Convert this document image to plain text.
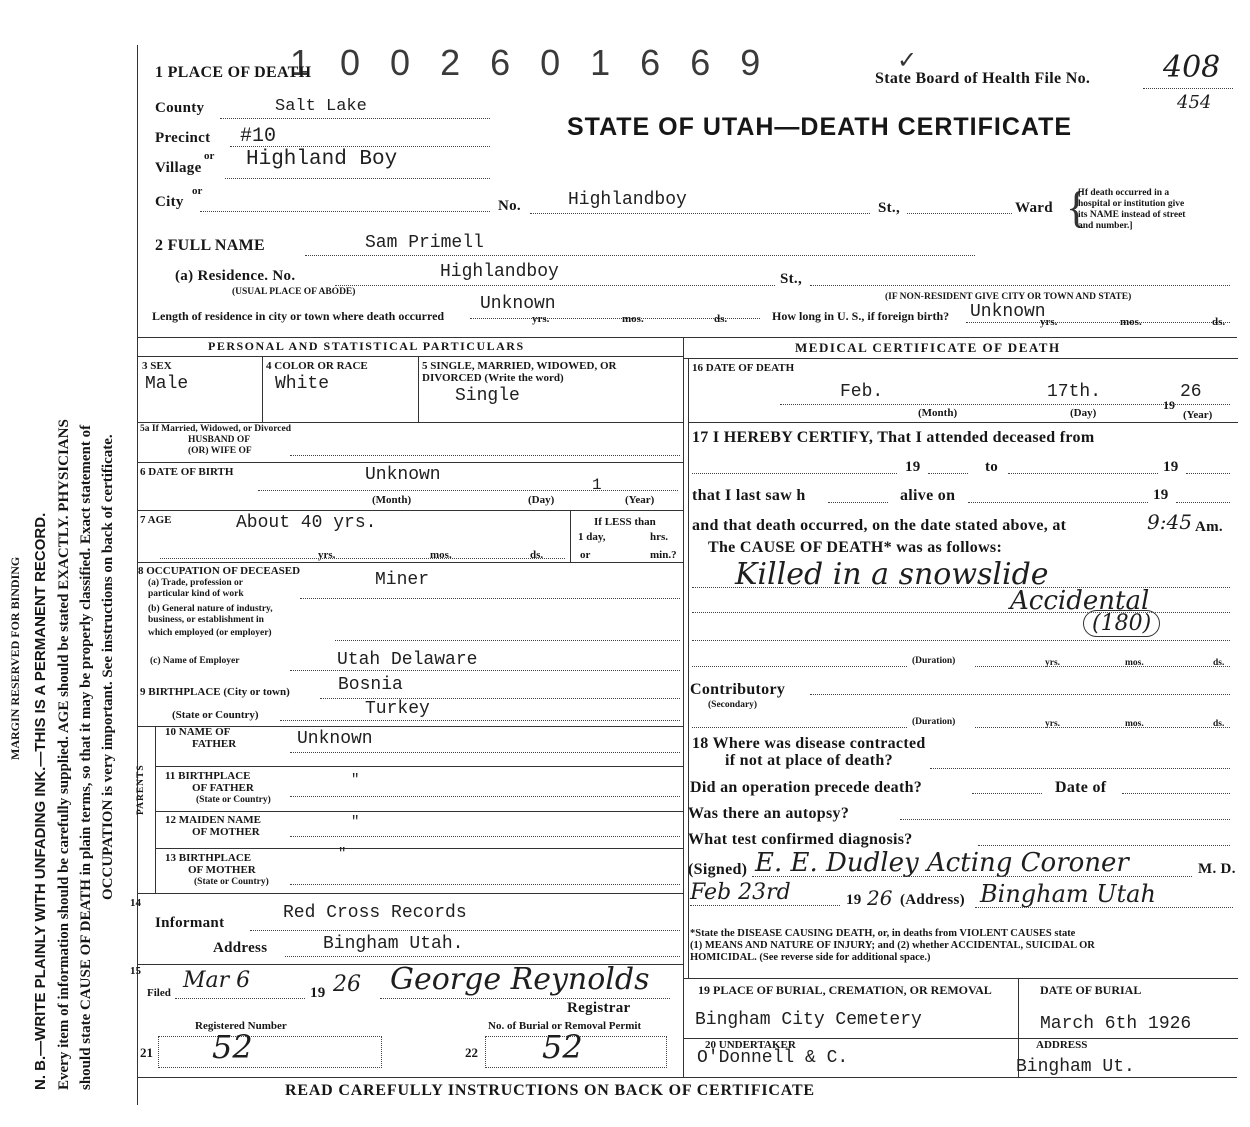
MARGIN RESERVED FOR BINDING N. B.—WRITE PLAINLY WITH UNFADING INK.—THIS IS A PERMANENT RECORD. Every item of information should be carefully supplied. AGE should be stated EXACTLY. PHYSICIANS should state CAUSE OF DEATH in plain terms, so that it may be properly classified. Exact statement of OCCUPATION is very important. See instructions on back of certificate.
1 0 0 2 6 0 1 6 6 9	✓
State Board of Health File No. 408
454
STATE OF UTAH—DEATH CERTIFICATE
1 PLACE OF DEATH
County	Salt Lake
Precinct #10
or
Village Highland Boy
or
City	No.	Highlandboy	St.,	Ward {
[If death occurred in a
hospital or institution give
its NAME instead of street
and number.]
2 FULL NAME	Sam Primell
(a) Residence. No.	Highlandboy	St.,
(USUAL PLACE OF ABODE)	(IF NON-RESIDENT GIVE CITY OR TOWN AND STATE)
Length of residence in city or town where death occurred
Unknown
yrs.	mos.	ds.	How long in U. S., if foreign birth? Unknown
yrs.	mos.	ds.
PERSONAL AND STATISTICAL PARTICULARS
3 SEX
Male
4 COLOR OR RACE
White
5 SINGLE, MARRIED, WIDOWED, OR
DIVORCED (Write the word)
Single
5a If Married, Widowed, or Divorced
HUSBAND OF
(OR) WIFE OF
6 DATE OF BIRTH	Unknown	1
(Month)	(Day)	(Year)
7 AGE	About 40 yrs.
yrs.	mos.	ds.
If LESS than
1 day,	hrs.
or	min.?
8 OCCUPATION OF DECEASED
(a) Trade, profession or
particular kind of work
(b) General nature of industry,
business, or establishment in
which employed (or employer)
Miner
(c) Name of Employer	Utah Delaware
9 BIRTHPLACE (City or town)	Bosnia
(State or Country)	Turkey
PARENTS
10 NAME OF
FATHER	Unknown
11 BIRTHPLACE
OF FATHER
(State or Country)
"
12 MAIDEN NAME
OF MOTHER
"
13 BIRTHPLACE
OF MOTHER
(State or Country)
"
14
Informant	Red Cross Records
Address	Bingham Utah.
15
Filed Mar 6	19 26 George Reynolds
Registrar
Registered Number	No. of Burial or Removal Permit
21 52	22 52
MEDICAL CERTIFICATE OF DEATH
16 DATE OF DEATH
Feb.	17th.
19
26
(Month)	(Day)	(Year)
17 I HEREBY CERTIFY, That I attended deceased from
19	to	19
that I last saw h	alive on	19
and that death occurred, on the date stated above, at	9:45 Am.
The CAUSE OF DEATH* was as follows:
Killed in a snowslide
Accidental
(180)
(Duration)	yrs.	mos.	ds.
Contributory
(Secondary)
(Duration)	yrs.	mos.	ds.
18 Where was disease contracted
if not at place of death?
Did an operation precede death?	Date of
Was there an autopsy?
What test confirmed diagnosis?
(Signed) E. E. Dudley Acting Coroner	M. D.
Feb 23rd	19 26 (Address) Bingham Utah
*State the DISEASE CAUSING DEATH, or, in deaths from VIOLENT CAUSES state
(1) MEANS AND NATURE OF INJURY; and (2) whether ACCIDENTAL, SUICIDAL OR
HOMICIDAL. (See reverse side for additional space.)
19 PLACE OF BURIAL, CREMATION, OR REMOVAL
Bingham City Cemetery
DATE OF BURIAL
March 6th 1926
20 UNDERTAKER
O'Donnell & C.
ADDRESS
Bingham Ut.
READ CAREFULLY INSTRUCTIONS ON BACK OF CERTIFICATE
